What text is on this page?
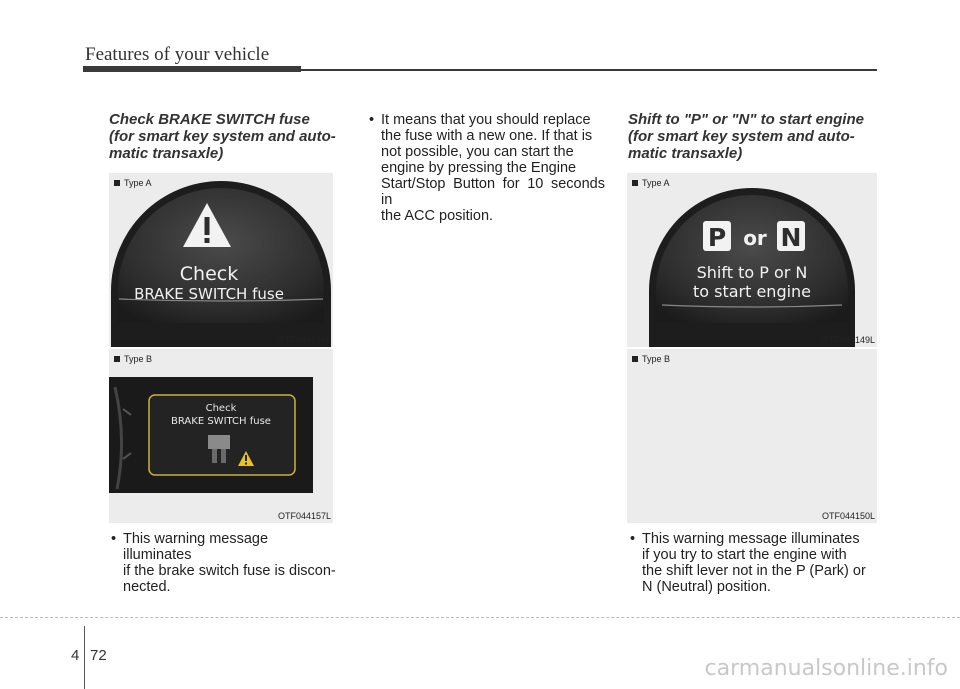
Features of your vehicle
Check BRAKE SWITCH fuse
(for smart key system and auto-
matic transaxle)
Type A
Check
BRAKE SWITCH fuse
OTF044156L
Type B
Check
BRAKE SWITCH fuse
OTF044157L
• This warning message illuminates
if the brake switch fuse is discon-
nected.
• It means that you should replace
the fuse with a new one. If that is
not possible, you can start the
engine by pressing the Engine
Start/Stop Button for 10 seconds in
the ACC position.
Shift to "P" or "N" to start engine
(for smart key system and auto-
matic transaxle)
Type A
P or N
Shift to P or N
to start engine
OTF044149L
Type B
OTF044150L
• This warning message illuminates
if you try to start the engine with
the shift lever not in the P (Park) or
N (Neutral) position.
4 72
carmanualsonline.info
